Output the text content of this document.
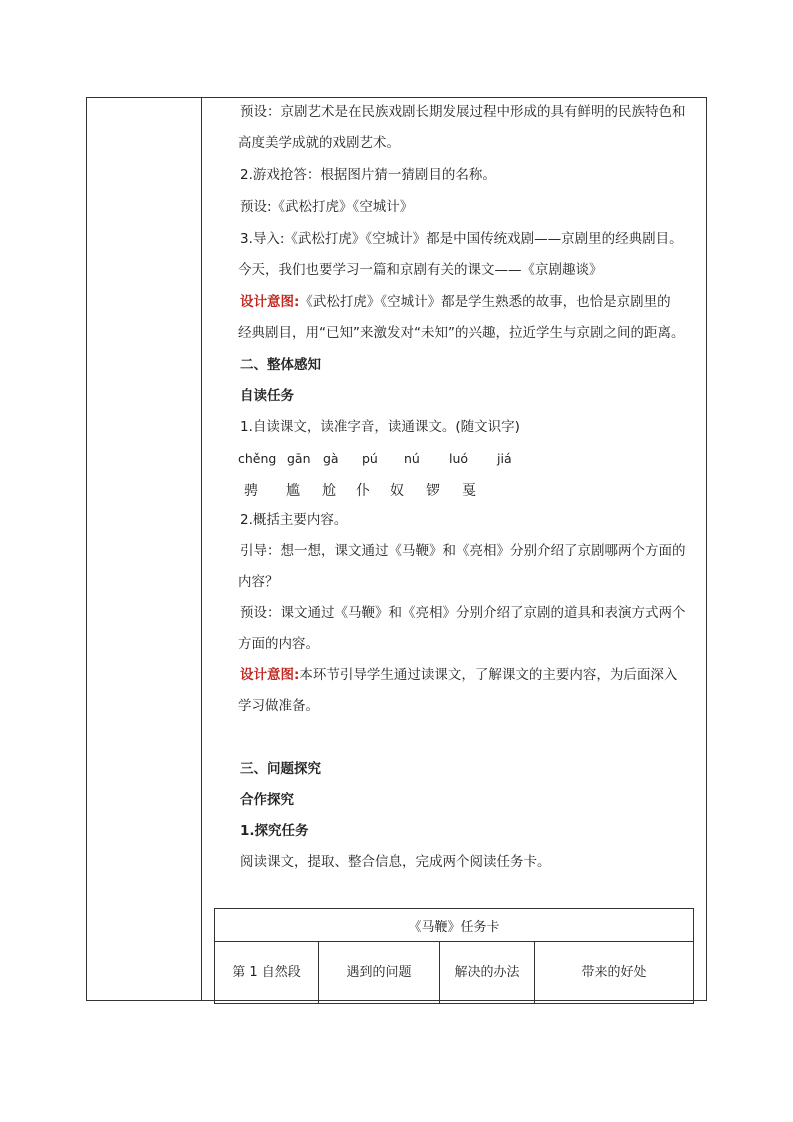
预设：京剧艺术是在民族戏剧长期发展过程中形成的具有鲜明的民族特色和
高度美学成就的戏剧艺术。
2.游戏抢答：根据图片猜一猜剧目的名称。
预设:《武松打虎》《空城计》
3.导入:《武松打虎》《空城计》都是中国传统戏剧——京剧里的经典剧目。
今天，我们也要学习一篇和京剧有关的课文——《京剧趣谈》
设计意图:《武松打虎》《空城计》都是学生熟悉的故事，也恰是京剧里的
经典剧目，用“已知”来激发对“未知”的兴趣，拉近学生与京剧之间的距离。
二、整体感知
自读任务
1.自读课文，读准字音，读通课文。(随文识字)
chěng gān gà pú nú luó jiá
骋 尴 尬 仆 奴 锣 戛
2.概括主要内容。
引导：想一想，课文通过《马鞭》和《亮相》分别介绍了京剧哪两个方面的
内容？
预设：课文通过《马鞭》和《亮相》分别介绍了京剧的道具和表演方式两个
方面的内容。
设计意图:本环节引导学生通过读课文，了解课文的主要内容，为后面深入
学习做准备。
三、问题探究
合作探究
1.探究任务
阅读课文，提取、整合信息，完成两个阅读任务卡。
《马鞭》任务卡
第 1 自然段	遇到的问题	解决的办法	带来的好处
